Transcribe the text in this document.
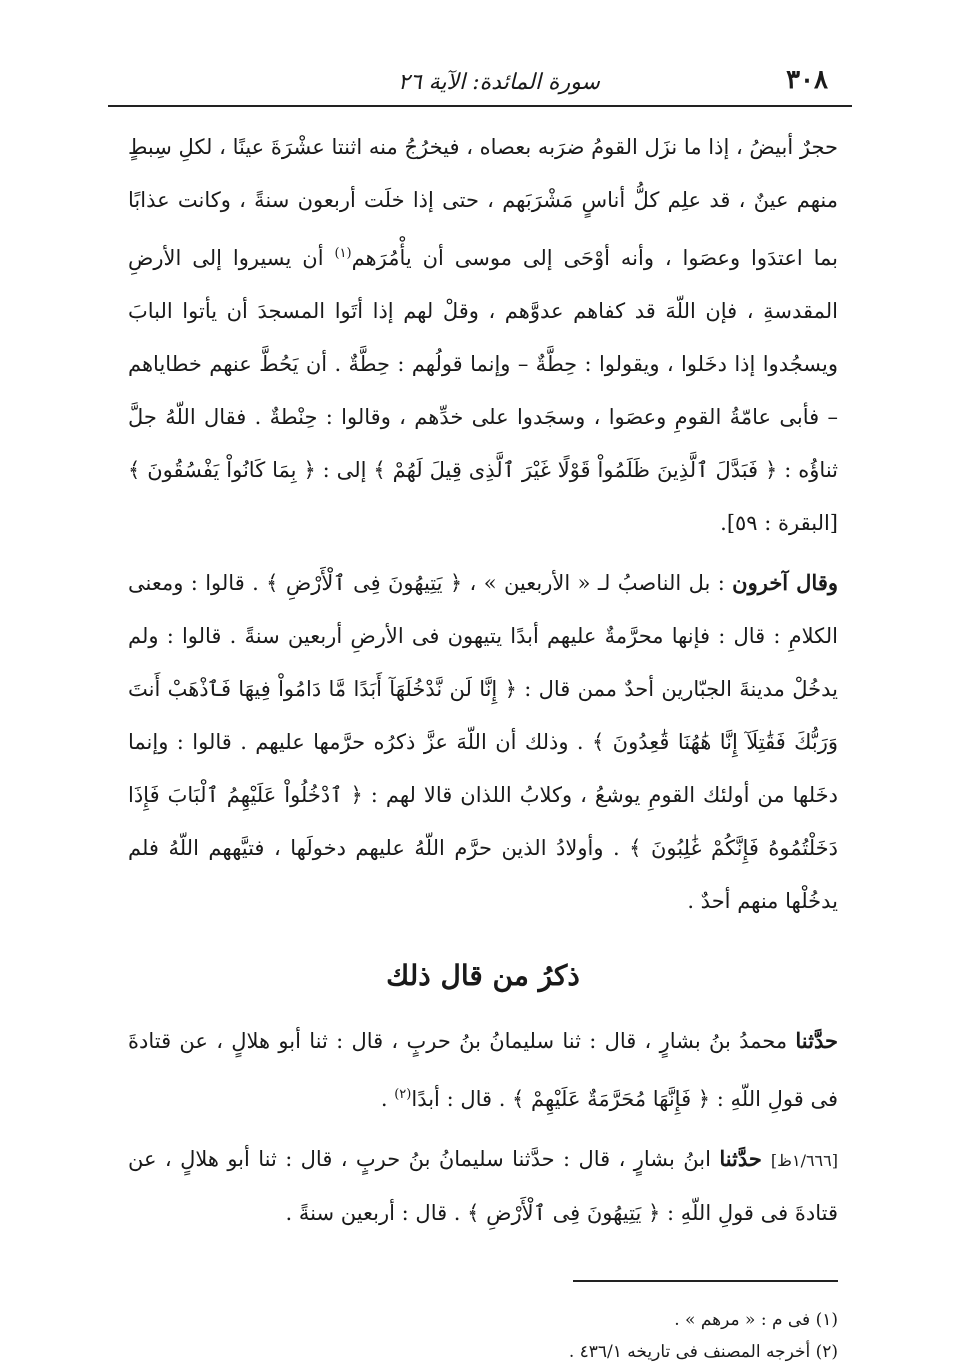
٣٠٨
سورة المائدة: الآية ٢٦

حجرٌ أبيضُ ، إذا ما نزَل القومُ ضرَبه بعصاه ، فيخرُجُ منه اثنتا عشْرَةَ عينًا ، لكلِ سِبطٍ منهم عينٌ ، قد علِم كلُّ أناسٍ مَشْرَبَهم ، حتى إذا خلَت أربعون سنةً ، وكانت عذابًا بما اعتدَوا وعصَوا ، وأنه أوْحَى إلى موسى أن يأْمُرَهم$^{(١)}$ أن يسيروا إلى الأرضِ المقدسةِ ، فإن اللّهَ قد كفاهم عدوَّهم ، وقلْ لهم إذا أتَوا المسجدَ أن يأتوا البابَ ويسجُدوا إذا دخَلوا ، ويقولوا : حِطَّةٌ – وإنما قولُهم : حِطَّةٌ . أن يَحُطَّ عنهم خطاياهم – فأبى عامّةُ القومِ وعصَوا ، وسجَدوا على خدِّهم ، وقالوا : حِنْطةٌ . فقال اللّهُ جلَّ ثناؤُه : ﴿ فَبَدَّلَ ٱلَّذِينَ ظَلَمُواْ قَوْلًا غَيْرَ ٱلَّذِى قِيلَ لَهُمْ ﴾ إلى : ﴿ بِمَا كَانُواْ يَفْسُقُونَ ﴾ [البقرة : ٥٩].

وقال آخرون : بل الناصبُ لـ « الأربعين » ، ﴿ يَتِيهُونَ فِى ٱلْأَرْضِ ﴾ . قالوا : ومعنى الكلامِ : قال : فإنها محرَّمةٌ عليهم أبدًا يتيهون فى الأرضِ أربعين سنةً . قالوا : ولم يدخُلْ مدينةَ الجبّارين أحدٌ ممن قال : ﴿ إِنَّا لَن نَّدْخُلَهَآ أَبَدًا مَّا دَامُواْ فِيهَا فَٱذْهَبْ أَنتَ وَرَبُّكَ فَقَٰتِلَآ إِنَّا هَٰهُنَا قَٰعِدُونَ ﴾ . وذلك أن اللّهَ عزَّ ذكرُه حرَّمها عليهم . قالوا : وإنما دخَلها من أولئك القومِ يوشعُ ، وكلابُ اللذان قالا لهم : ﴿ ٱدْخُلُواْ عَلَيْهِمُ ٱلْبَابَ فَإِذَا دَخَلْتُمُوهُ فَإِنَّكُمْ غَٰلِبُونَ ﴾ . وأولادُ الذين حرَّم اللّهُ عليهم دخولَها ، فتيَّههم اللّهُ فلم يدخُلْها منهم أحدٌ .

ذكرُ من قال ذلك

حدَّثنا محمدُ بنُ بشارٍ ، قال : ثنا سليمانُ بنُ حربٍ ، قال : ثنا أبو هلالٍ ، عن قتادةَ فى قولِ اللّهِ : ﴿ فَإِنَّهَا مُحَرَّمَةٌ عَلَيْهِمْ ﴾ . قال : أبدًا$^{(٢)}$ .

[١/٦٦٦ظ] حدَّثنا ابنُ بشارٍ ، قال : حدَّثنا سليمانُ بنُ حربٍ ، قال : ثنا أبو هلالٍ ، عن قتادةَ فى قولِ اللّهِ : ﴿ يَتِيهُونَ فِى ٱلْأَرْضِ ﴾ . قال : أربعين سنةً .

(١) فى م : « مرهم » .
(٢) أخرجه المصنف فى تاريخه ٤٣٦/١ .
